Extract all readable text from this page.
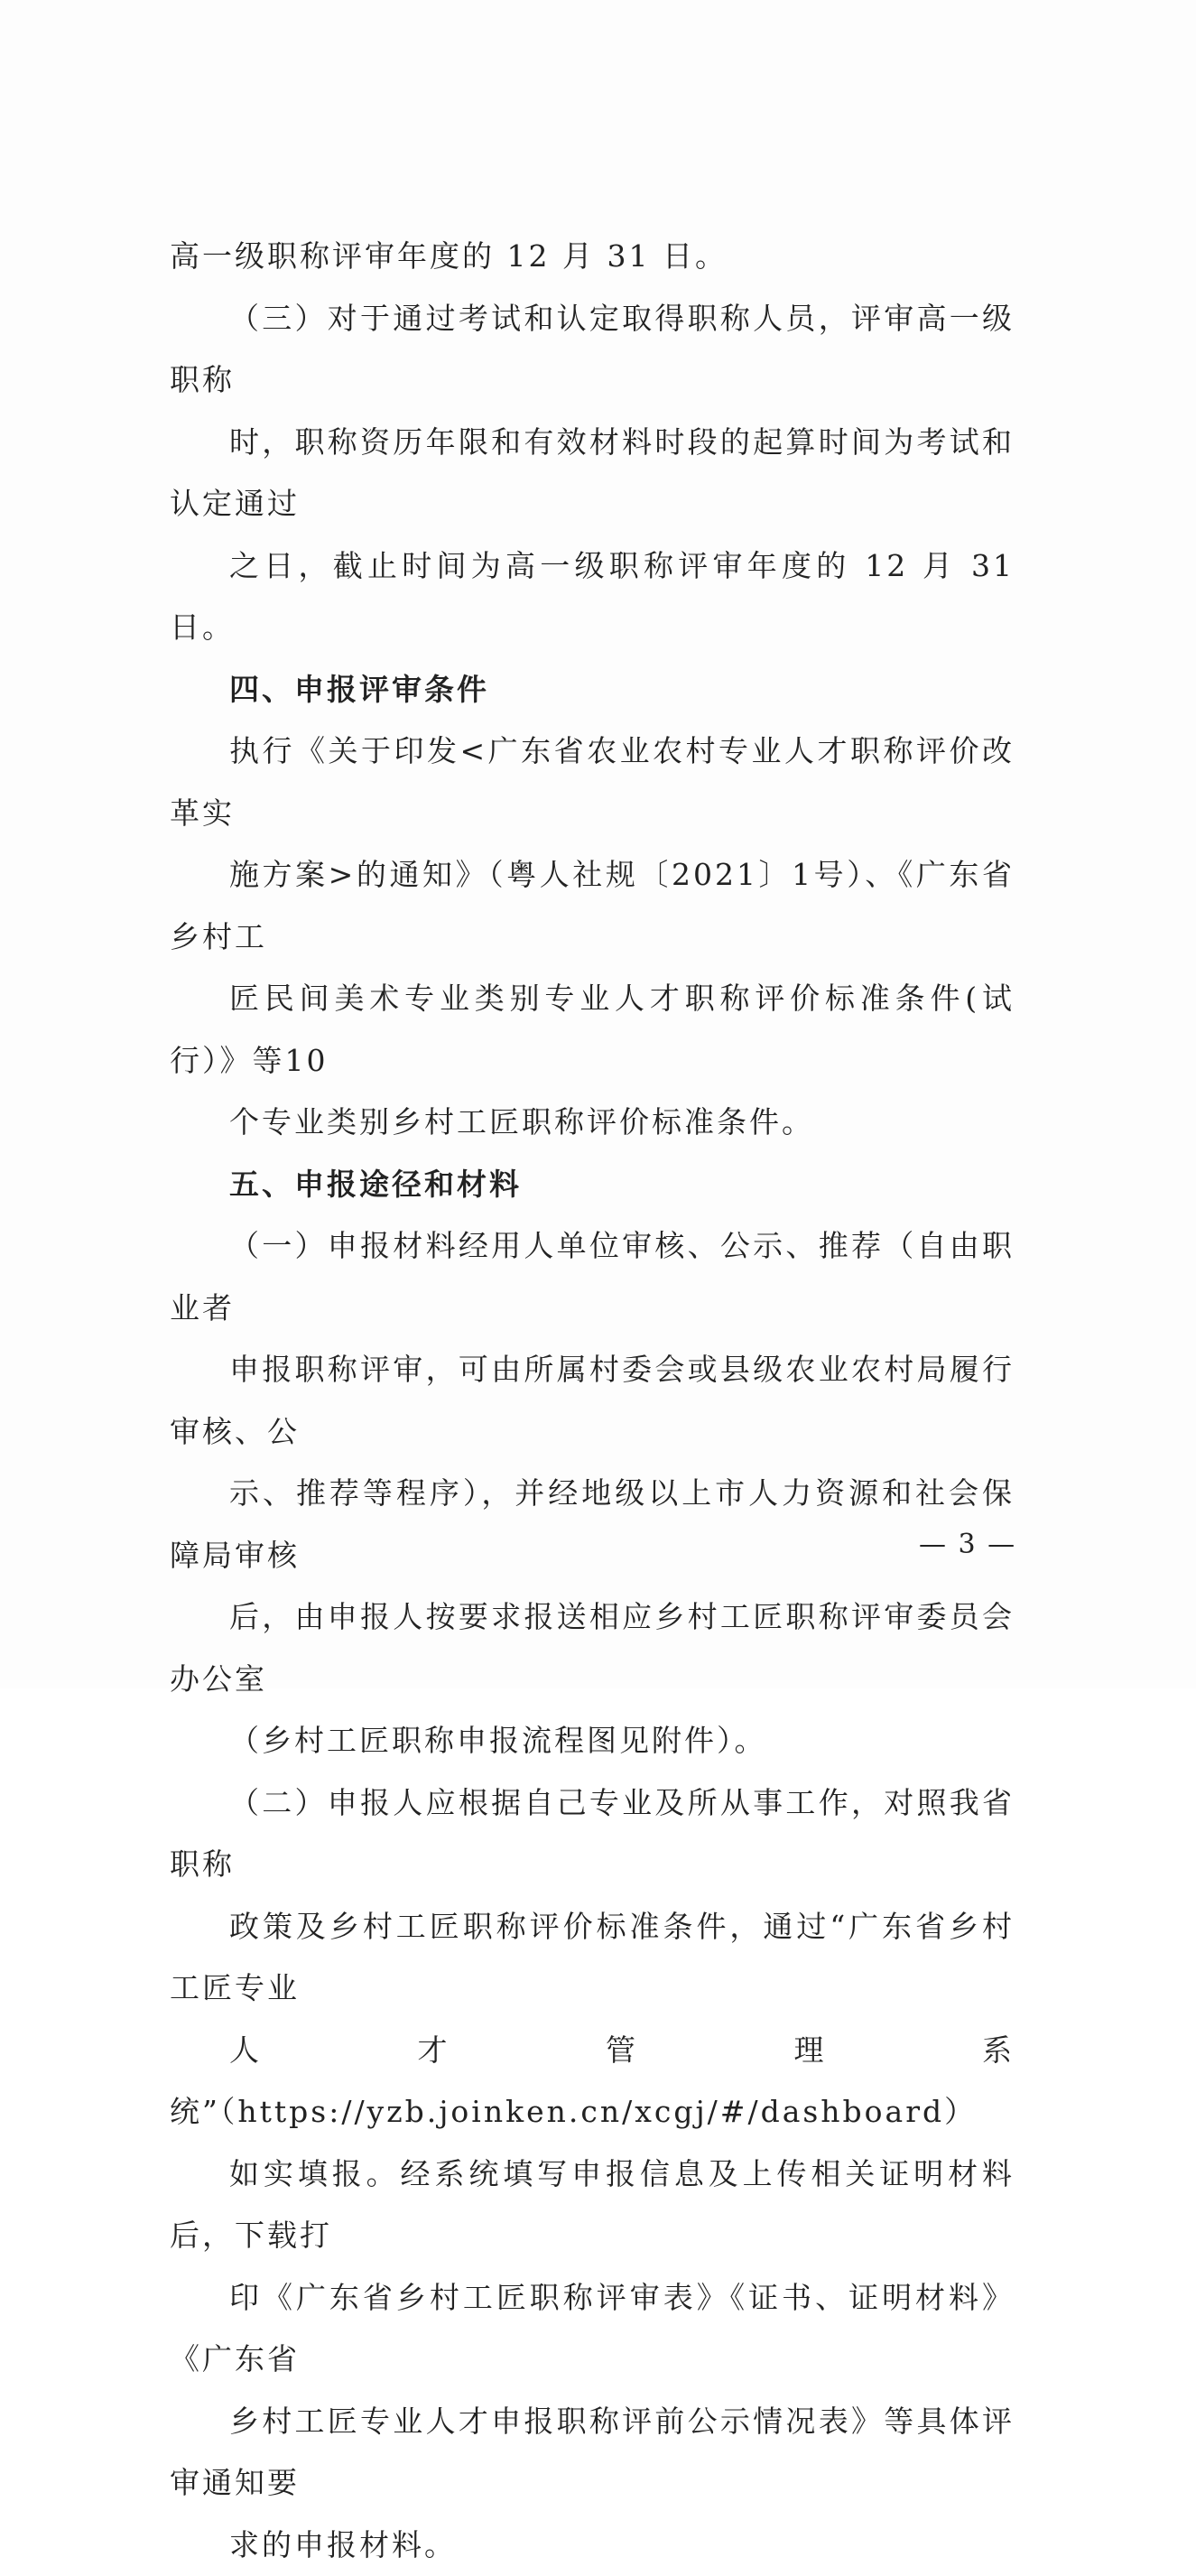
高一级职称评审年度的 12 月 31 日。

（三）对于通过考试和认定取得职称人员，评审高一级职称
时，职称资历年限和有效材料时段的起算时间为考试和认定通过
之日，截止时间为高一级职称评审年度的 12 月 31 日。

四、申报评审条件

执行《关于印发<广东省农业农村专业人才职称评价改革实
施方案>的通知》（粤人社规〔2021〕1号）、《广东省乡村工
匠民间美术专业类别专业人才职称评价标准条件(试行）》等10
个专业类别乡村工匠职称评价标准条件。

五、申报途径和材料

（一）申报材料经用人单位审核、公示、推荐（自由职业者
申报职称评审，可由所属村委会或县级农业农村局履行审核、公
示、推荐等程序），并经地级以上市人力资源和社会保障局审核
后，由申报人按要求报送相应乡村工匠职称评审委员会办公室
（乡村工匠职称申报流程图见附件）。

（二）申报人应根据自己专业及所从事工作，对照我省职称
政策及乡村工匠职称评价标准条件，通过“广东省乡村工匠专业
人才管理系统”（https://yzb.joinken.cn/xcgj/#/dashboard）
如实填报。经系统填写申报信息及上传相关证明材料后，下载打
印《广东省乡村工匠职称评审表》《证书、证明材料》《广东省
乡村工匠专业人才申报职称评前公示情况表》等具体评审通知要
求的申报材料。

— 3 —
